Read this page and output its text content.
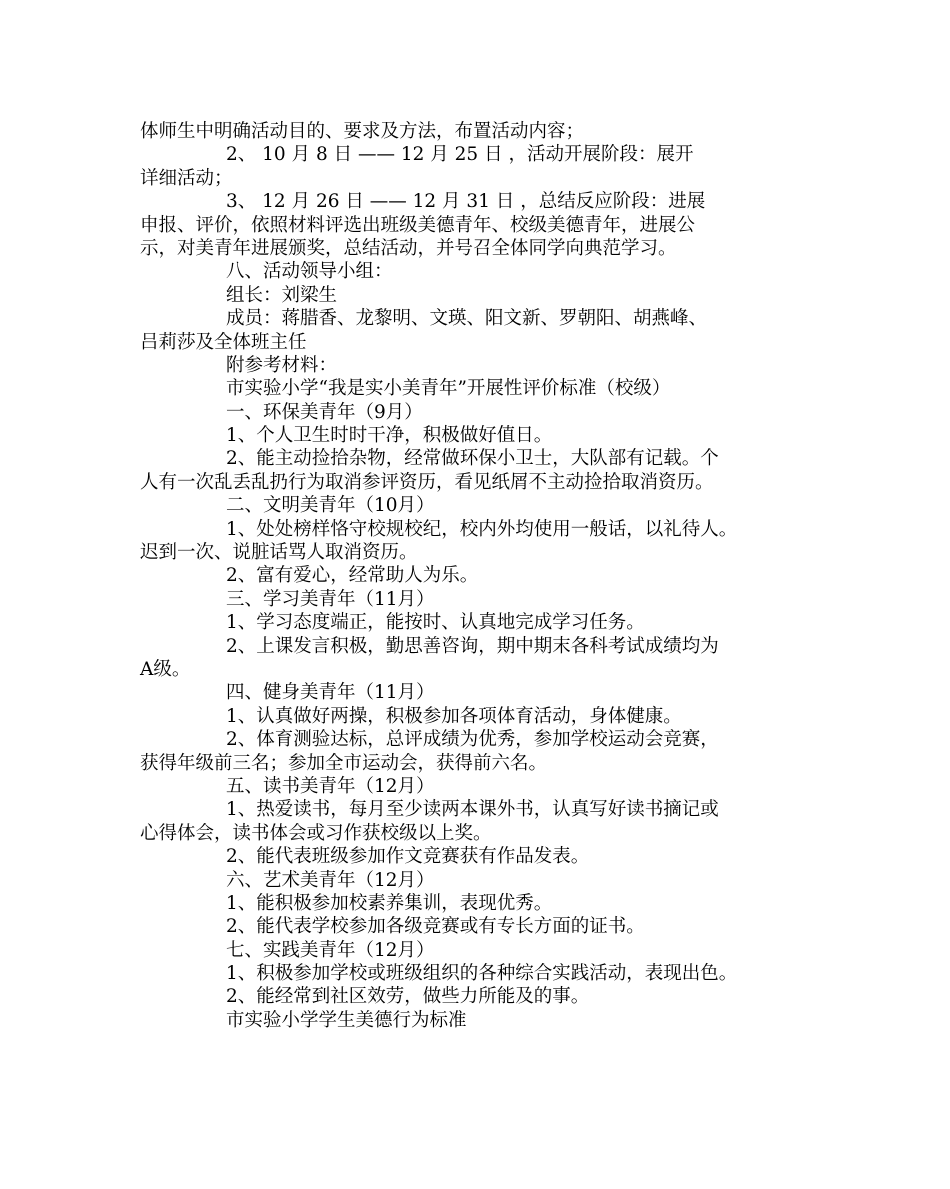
体师生中明确活动目的、要求及方法，布置活动内容；
2、 10 月 8 日 —— 12 月 25 日 ，活动开展阶段：展开
详细活动；
3、 12 月 26 日 —— 12 月 31 日 ，总结反应阶段：进展
申报、评价，依照材料评选出班级美德青年、校级美德青年，进展公
示，对美青年进展颁奖，总结活动，并号召全体同学向典范学习。
八、活动领导小组：
组长：刘梁生
成员：蒋腊香、龙黎明、文瑛、阳文新、罗朝阳、胡燕峰、
吕莉莎及全体班主任
附参考材料：
市实验小学“我是实小美青年”开展性评价标准（校级）
一、环保美青年（9月）
1、个人卫生时时干净，积极做好值日。
2、能主动捡拾杂物，经常做环保小卫士，大队部有记载。个
人有一次乱丢乱扔行为取消参评资历，看见纸屑不主动捡拾取消资历。
二、文明美青年（10月）
1、处处榜样恪守校规校纪，校内外均使用一般话，以礼待人。
迟到一次、说脏话骂人取消资历。
2、富有爱心，经常助人为乐。
三、学习美青年（11月）
1、学习态度端正，能按时、认真地完成学习任务。
2、上课发言积极，勤思善咨询，期中期末各科考试成绩均为
A级。
四、健身美青年（11月）
1、认真做好两操，积极参加各项体育活动，身体健康。
2、体育测验达标，总评成绩为优秀，参加学校运动会竞赛，
获得年级前三名；参加全市运动会，获得前六名。
五、读书美青年（12月）
1、热爱读书，每月至少读两本课外书，认真写好读书摘记或
心得体会，读书体会或习作获校级以上奖。
2、能代表班级参加作文竞赛获有作品发表。
六、艺术美青年（12月）
1、能积极参加校素养集训，表现优秀。
2、能代表学校参加各级竞赛或有专长方面的证书。
七、实践美青年（12月）
1、积极参加学校或班级组织的各种综合实践活动，表现出色。
2、能经常到社区效劳，做些力所能及的事。
市实验小学学生美德行为标准
